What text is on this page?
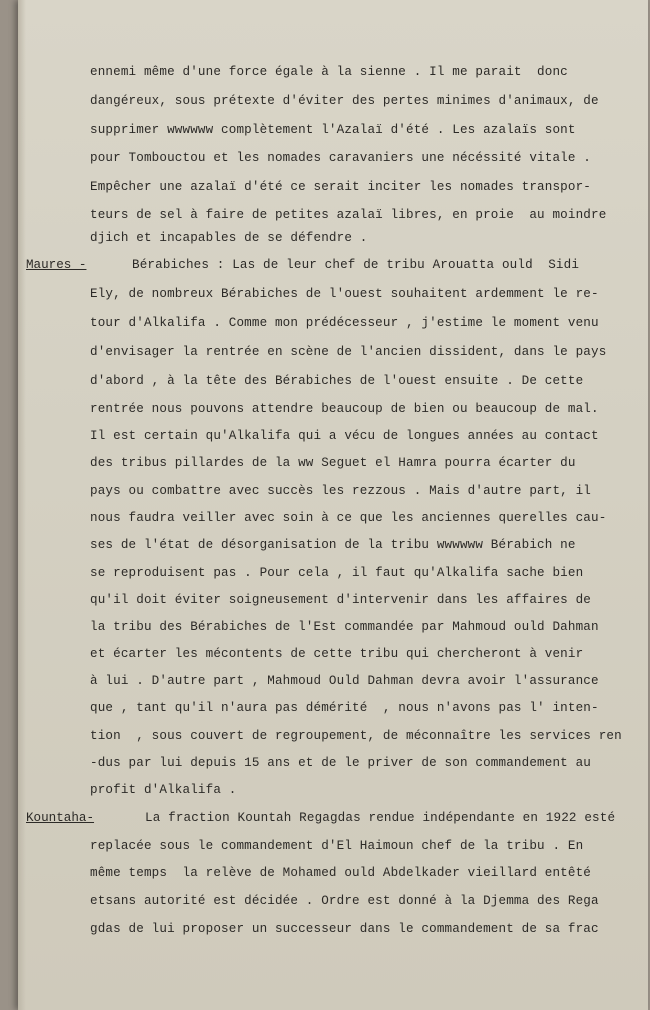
ennemi même d'une force égale à la sienne . Il me parait  donc
dangéreux, sous prétexte d'éviter des pertes minimes d'animaux, de
supprimer wwwwww complètement l'Azalaï d'été . Les azalaïs sont
pour Tombouctou et les nomades caravaniers une nécéssité vitale .
Empêcher une azalaï d'été ce serait inciter les nomades transpor-
teurs de sel à faire de petites azalaï libres, en proie  au moindre
djich et incapables de se défendre .
Maures -	Bérabiches : Las de leur chef de tribu Arouatta ould  Sidi
Ely, de nombreux Bérabiches de l'ouest souhaitent ardemment le re-
tour d'Alkalifa . Comme mon prédécesseur , j'estime le moment venu
d'envisager la rentrée en scène de l'ancien dissident, dans le pays
d'abord , à la tête des Bérabiches de l'ouest ensuite . De cette
rentrée nous pouvons attendre beaucoup de bien ou beaucoup de mal.
Il est certain qu'Alkalifa qui a vécu de longues années au contact
des tribus pillardes de la ww Seguet el Hamra pourra écarter du
pays ou combattre avec succès les rezzous . Mais d'autre part, il
nous faudra veiller avec soin à ce que les anciennes querelles cau-
ses de l'état de désorganisation de la tribu wwwwww Bérabich ne
se reproduisent pas . Pour cela , il faut qu'Alkalifa sache bien
qu'il doit éviter soigneusement d'intervenir dans les affaires de
la tribu des Bérabiches de l'Est commandée par Mahmoud ould Dahman
et écarter les mécontents de cette tribu qui chercheront à venir
à lui . D'autre part , Mahmoud Ould Dahman devra avoir l'assurance
que , tant qu'il n'aura pas démérité  , nous n'avons pas l' inten-
tion  , sous couvert de regroupement, de méconnaître les services ren
-dus par lui depuis 15 ans et de le priver de son commandement au
profit d'Alkalifa .
Kountaha-	La fraction Kountah Regagdas rendue indépendante en 1922 esté
replacée sous le commandement d'El Haimoun chef de la tribu . En
même temps  la relève de Mohamed ould Abdelkader vieillard entêté
etsans autorité est décidée . Ordre est donné à la Djemma des Rega
gdas de lui proposer un successeur dans le commandement de sa frac
